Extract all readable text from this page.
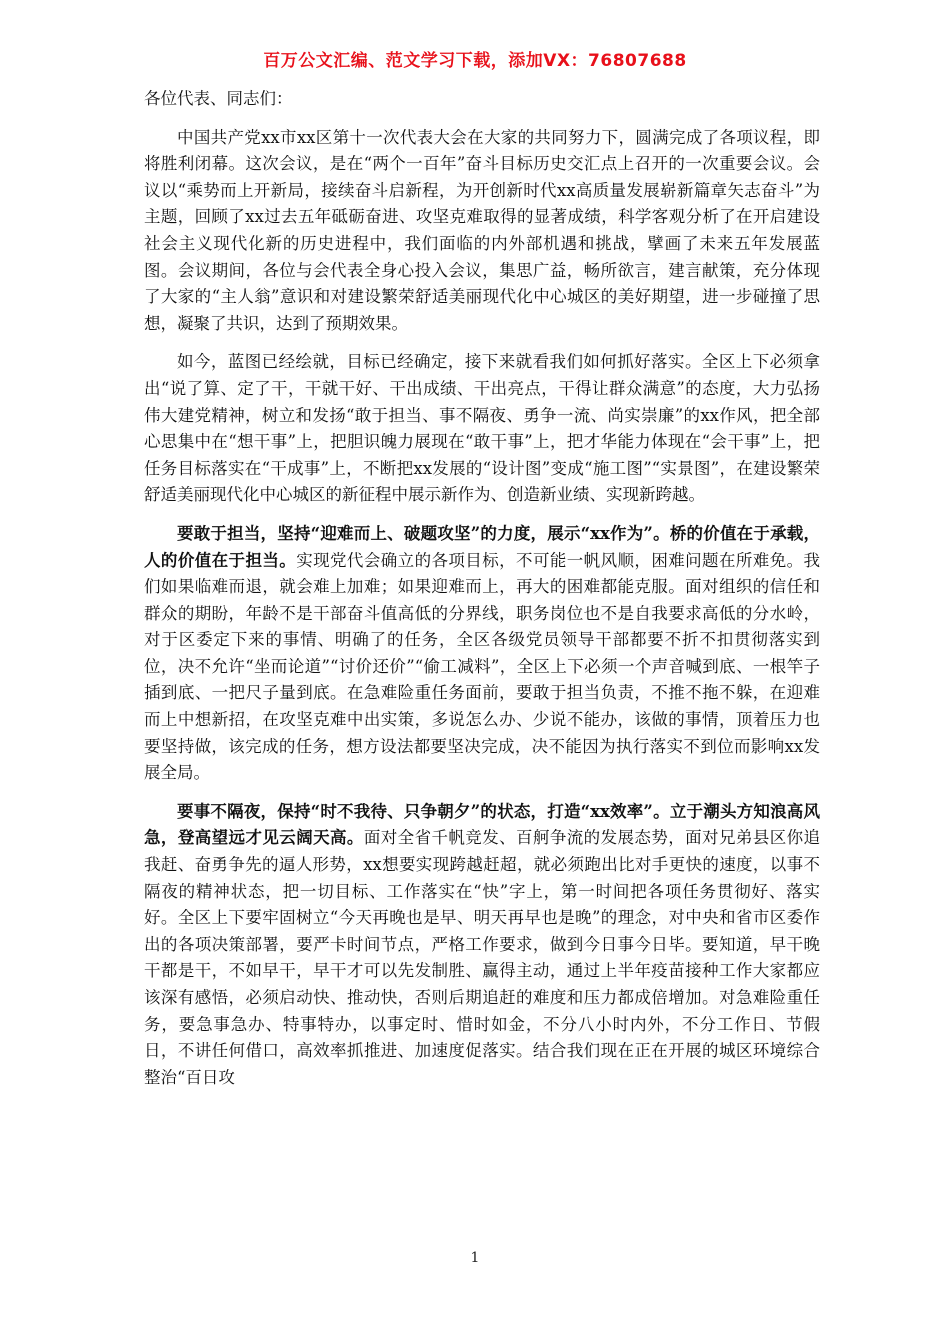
百万公文汇编、范文学习下载，添加VX：76807688

各位代表、同志们：

中国共产党xx市xx区第十一次代表大会在大家的共同努力下，圆满完成了各项议程，即将胜利闭幕。这次会议，是在“两个一百年”奋斗目标历史交汇点上召开的一次重要会议。会议以“乘势而上开新局，接续奋斗启新程，为开创新时代xx高质量发展崭新篇章矢志奋斗”为主题，回顾了xx过去五年砥砺奋进、攻坚克难取得的显著成绩，科学客观分析了在开启建设社会主义现代化新的历史进程中，我们面临的内外部机遇和挑战，擘画了未来五年发展蓝图。会议期间，各位与会代表全身心投入会议，集思广益，畅所欲言，建言献策，充分体现了大家的“主人翁”意识和对建设繁荣舒适美丽现代化中心城区的美好期望，进一步碰撞了思想，凝聚了共识，达到了预期效果。

如今，蓝图已经绘就，目标已经确定，接下来就看我们如何抓好落实。全区上下必须拿出“说了算、定了干，干就干好、干出成绩、干出亮点，干得让群众满意”的态度，大力弘扬伟大建党精神，树立和发扬“敢于担当、事不隔夜、勇争一流、尚实崇廉”的xx作风，把全部心思集中在“想干事”上，把胆识魄力展现在“敢干事”上，把才华能力体现在“会干事”上，把任务目标落实在“干成事”上，不断把xx发展的“设计图”变成“施工图”“实景图”，在建设繁荣舒适美丽现代化中心城区的新征程中展示新作为、创造新业绩、实现新跨越。

要敢于担当，坚持“迎难而上、破题攻坚”的力度，展示“xx作为”。桥的价值在于承载，人的价值在于担当。实现党代会确立的各项目标，不可能一帆风顺，困难问题在所难免。我们如果临难而退，就会难上加难；如果迎难而上，再大的困难都能克服。面对组织的信任和群众的期盼，年龄不是干部奋斗值高低的分界线，职务岗位也不是自我要求高低的分水岭，对于区委定下来的事情、明确了的任务，全区各级党员领导干部都要不折不扣贯彻落实到位，决不允许“坐而论道”“讨价还价”“偷工减料”，全区上下必须一个声音喊到底、一根竿子插到底、一把尺子量到底。在急难险重任务面前，要敢于担当负责，不推不拖不躲，在迎难而上中想新招，在攻坚克难中出实策，多说怎么办、少说不能办，该做的事情，顶着压力也要坚持做，该完成的任务，想方设法都要坚决完成，决不能因为执行落实不到位而影响xx发展全局。

要事不隔夜，保持“时不我待、只争朝夕”的状态，打造“xx效率”。立于潮头方知浪高风急，登高望远才见云阔天高。面对全省千帆竞发、百舸争流的发展态势，面对兄弟县区你追我赶、奋勇争先的逼人形势，xx想要实现跨越赶超，就必须跑出比对手更快的速度，以事不隔夜的精神状态，把一切目标、工作落实在“快”字上，第一时间把各项任务贯彻好、落实好。全区上下要牢固树立“今天再晚也是早、明天再早也是晚”的理念，对中央和省市区委作出的各项决策部署，要严卡时间节点，严格工作要求，做到今日事今日毕。要知道，早干晚干都是干，不如早干，早干才可以先发制胜、赢得主动，通过上半年疫苗接种工作大家都应该深有感悟，必须启动快、推动快，否则后期追赶的难度和压力都成倍增加。对急难险重任务，要急事急办、特事特办，以事定时、惜时如金，不分八小时内外，不分工作日、节假日，不讲任何借口，高效率抓推进、加速度促落实。结合我们现在正在开展的城区环境综合整治“百日攻

1
